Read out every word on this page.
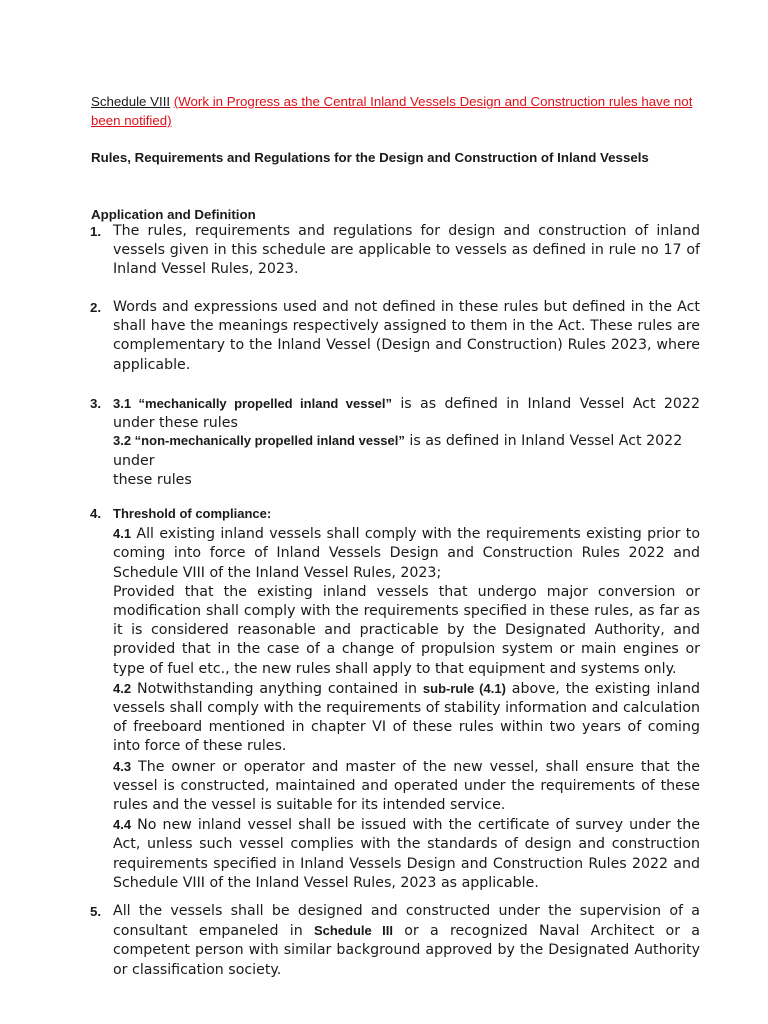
Schedule VIII (Work in Progress as the Central Inland Vessels Design and Construction rules have not been notified)
Rules, Requirements and Regulations for the Design and Construction of Inland Vessels
Application and Definition
1. The rules, requirements and regulations for design and construction of inland vessels given in this schedule are applicable to vessels as defined in rule no 17 of Inland Vessel Rules, 2023.
2. Words and expressions used and not defined in these rules but defined in the Act shall have the meanings respectively assigned to them in the Act. These rules are complementary to the Inland Vessel (Design and Construction) Rules 2023, where applicable.
3. 3.1 “mechanically propelled inland vessel” is as defined in Inland Vessel Act 2022 under these rules
3.2 “non-mechanically propelled inland vessel” is as defined in Inland Vessel Act 2022 under
these rules
4. Threshold of compliance:
4.1 All existing inland vessels shall comply with the requirements existing prior to coming into force of Inland Vessels Design and Construction Rules 2022 and Schedule VIII of the Inland Vessel Rules, 2023;
Provided that the existing inland vessels that undergo major conversion or modification shall comply with the requirements specified in these rules, as far as it is considered reasonable and practicable by the Designated Authority, and provided that in the case of a change of propulsion system or main engines or type of fuel etc., the new rules shall apply to that equipment and systems only.
4.2 Notwithstanding anything contained in sub-rule (4.1) above, the existing inland vessels shall comply with the requirements of stability information and calculation of freeboard mentioned in chapter VI of these rules within two years of coming into force of these rules.
4.3 The owner or operator and master of the new vessel, shall ensure that the vessel is constructed, maintained and operated under the requirements of these rules and the vessel is suitable for its intended service.
4.4 No new inland vessel shall be issued with the certificate of survey under the Act, unless such vessel complies with the standards of design and construction requirements specified in Inland Vessels Design and Construction Rules 2022 and Schedule VIII of the Inland Vessel Rules, 2023 as applicable.
5. All the vessels shall be designed and constructed under the supervision of a consultant empaneled in Schedule III or a recognized Naval Architect or a competent person with similar background approved by the Designated Authority or classification society.
